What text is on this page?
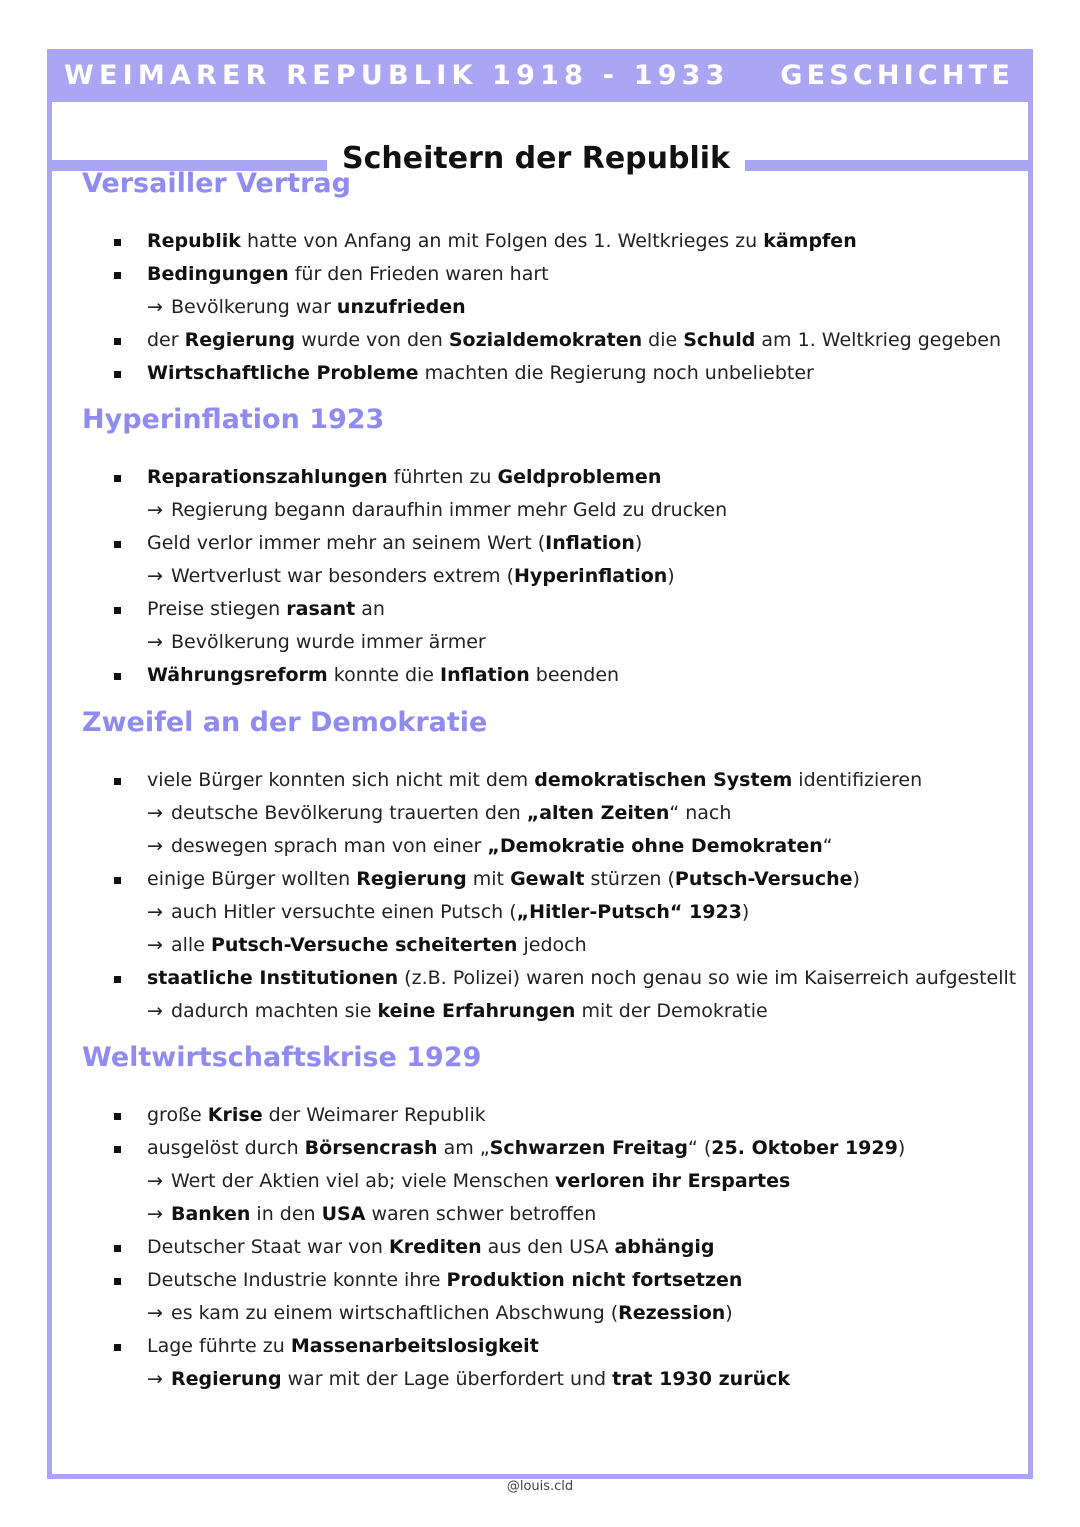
WEIMARER REPUBLIK 1918 - 1933 GESCHICHTE
Scheitern der Republik
Versailler Vertrag
Republik hatte von Anfang an mit Folgen des 1. Weltkrieges zu kämpfen
Bedingungen für den Frieden waren hart
→ Bevölkerung war unzufrieden
der Regierung wurde von den Sozialdemokraten die Schuld am 1. Weltkrieg gegeben
Wirtschaftliche Probleme machten die Regierung noch unbeliebter
Hyperinflation 1923
Reparationszahlungen führten zu Geldproblemen
→ Regierung begann daraufhin immer mehr Geld zu drucken
Geld verlor immer mehr an seinem Wert (Inflation)
→ Wertverlust war besonders extrem (Hyperinflation)
Preise stiegen rasant an
→ Bevölkerung wurde immer ärmer
Währungsreform konnte die Inflation beenden
Zweifel an der Demokratie
viele Bürger konnten sich nicht mit dem demokratischen System identifizieren
→ deutsche Bevölkerung trauerten den „alten Zeiten“ nach
→ deswegen sprach man von einer „Demokratie ohne Demokraten“
einige Bürger wollten Regierung mit Gewalt stürzen (Putsch-Versuche)
→ auch Hitler versuchte einen Putsch („Hitler-Putsch“ 1923)
→ alle Putsch-Versuche scheiterten jedoch
staatliche Institutionen (z.B. Polizei) waren noch genau so wie im Kaiserreich aufgestellt
→ dadurch machten sie keine Erfahrungen mit der Demokratie
Weltwirtschaftskrise 1929
große Krise der Weimarer Republik
ausgelöst durch Börsencrash am „Schwarzen Freitag“ (25. Oktober 1929)
→ Wert der Aktien viel ab; viele Menschen verloren ihr Erspartes
→ Banken in den USA waren schwer betroffen
Deutscher Staat war von Krediten aus den USA abhängig
Deutsche Industrie konnte ihre Produktion nicht fortsetzen
→ es kam zu einem wirtschaftlichen Abschwung (Rezession)
Lage führte zu Massenarbeitslosigkeit
→ Regierung war mit der Lage überfordert und trat 1930 zurück
@louis.cld
